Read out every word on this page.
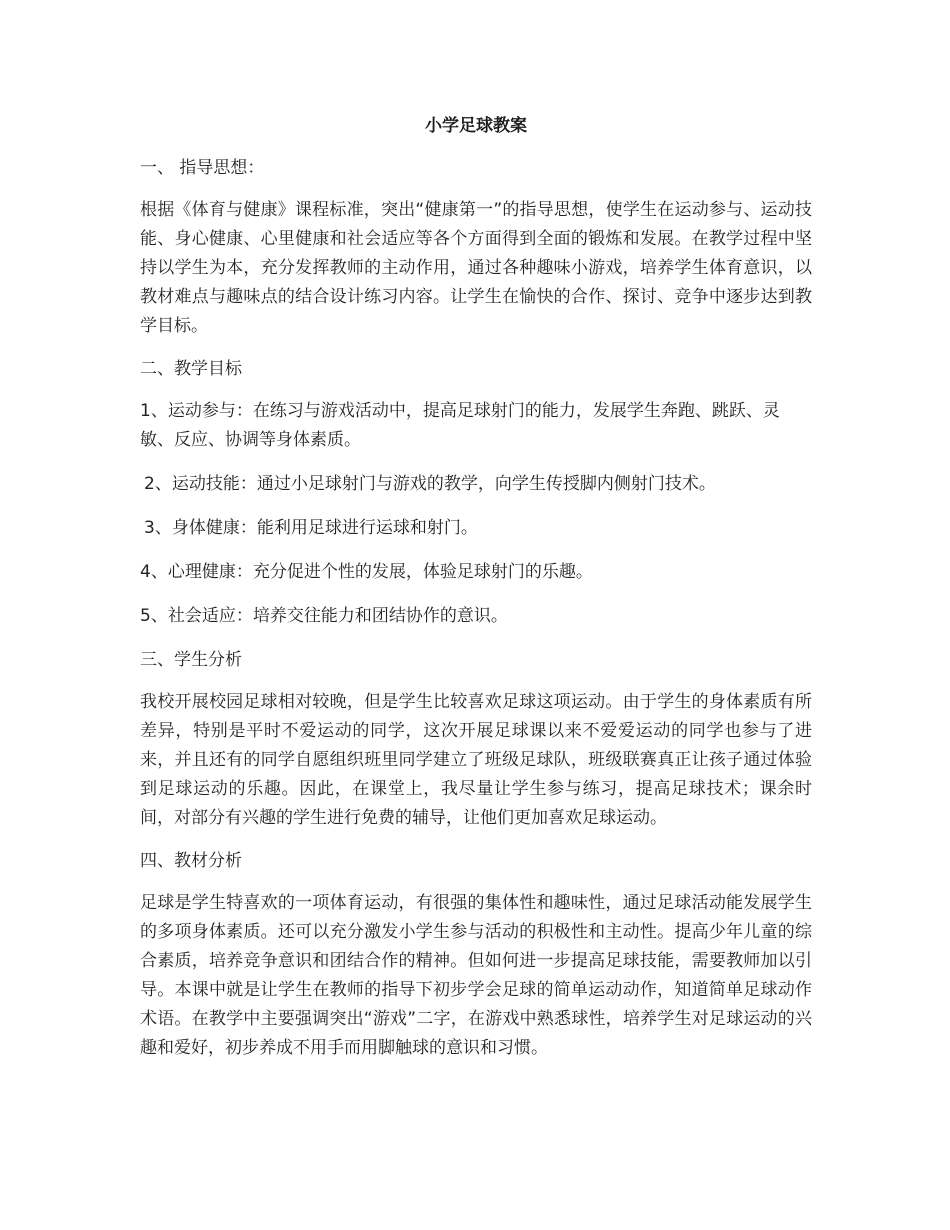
小学足球教案
一、 指导思想：
根据《体育与健康》课程标准，突出“健康第一”的指导思想，使学生在运动参与、运动技能、身心健康、心里健康和社会适应等各个方面得到全面的锻炼和发展。在教学过程中坚持以学生为本，充分发挥教师的主动作用，通过各种趣味小游戏，培养学生体育意识，以教材难点与趣味点的结合设计练习内容。让学生在愉快的合作、探讨、竞争中逐步达到教学目标。
二、教学目标
1、运动参与：在练习与游戏活动中，提高足球射门的能力，发展学生奔跑、跳跃、灵敏、反应、协调等身体素质。
2、运动技能：通过小足球射门与游戏的教学，向学生传授脚内侧射门技术。
3、身体健康：能利用足球进行运球和射门。
4、心理健康：充分促进个性的发展，体验足球射门的乐趣。
5、社会适应：培养交往能力和团结协作的意识。
三、学生分析
我校开展校园足球相对较晚，但是学生比较喜欢足球这项运动。由于学生的身体素质有所差异，特别是平时不爱运动的同学，这次开展足球课以来不爱爱运动的同学也参与了进来，并且还有的同学自愿组织班里同学建立了班级足球队，班级联赛真正让孩子通过体验到足球运动的乐趣。因此，在课堂上，我尽量让学生参与练习，提高足球技术；课余时间，对部分有兴趣的学生进行免费的辅导，让他们更加喜欢足球运动。
四、教材分析
足球是学生特喜欢的一项体育运动，有很强的集体性和趣味性，通过足球活动能发展学生的多项身体素质。还可以充分激发小学生参与活动的积极性和主动性。提高少年儿童的综合素质，培养竞争意识和团结合作的精神。但如何进一步提高足球技能，需要教师加以引导。本课中就是让学生在教师的指导下初步学会足球的简单运动动作，知道简单足球动作术语。在教学中主要强调突出“游戏”二字，在游戏中熟悉球性，培养学生对足球运动的兴趣和爱好，初步养成不用手而用脚触球的意识和习惯。
